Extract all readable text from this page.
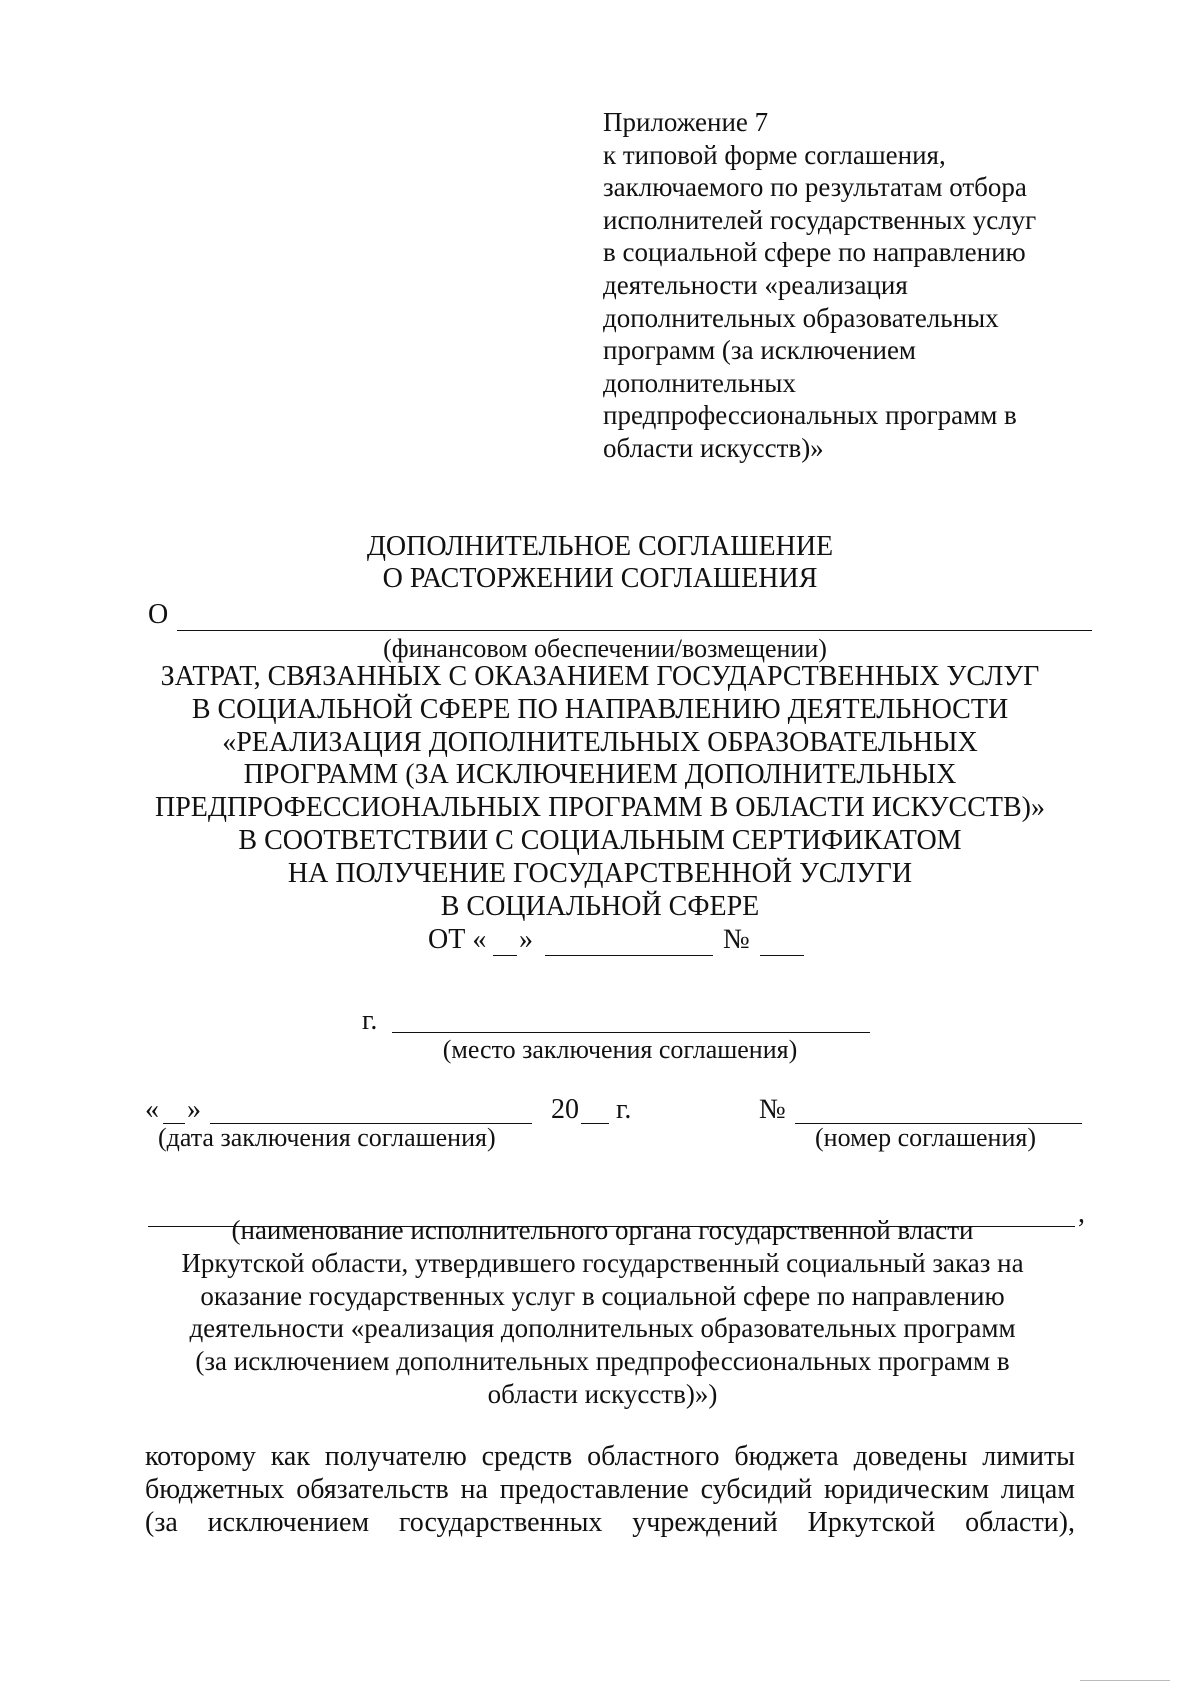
Приложение 7
к типовой форме соглашения,
заключаемого по результатам отбора
исполнителей государственных услуг
в социальной сфере по направлению
деятельности «реализация
дополнительных образовательных
программ (за исключением
дополнительных
предпрофессиональных программ в
области искусств)»
ДОПОЛНИТЕЛЬНОЕ СОГЛАШЕНИЕ
О РАСТОРЖЕНИИ СОГЛАШЕНИЯ
О
(финансовом обеспечении/возмещении)
ЗАТРАТ, СВЯЗАННЫХ С ОКАЗАНИЕМ ГОСУДАРСТВЕННЫХ УСЛУГ
В СОЦИАЛЬНОЙ СФЕРЕ ПО НАПРАВЛЕНИЮ ДЕЯТЕЛЬНОСТИ
«РЕАЛИЗАЦИЯ ДОПОЛНИТЕЛЬНЫХ ОБРАЗОВАТЕЛЬНЫХ
ПРОГРАММ (ЗА ИСКЛЮЧЕНИЕМ ДОПОЛНИТЕЛЬНЫХ
ПРЕДПРОФЕССИОНАЛЬНЫХ ПРОГРАММ В ОБЛАСТИ ИСКУССТВ)»
В СООТВЕТСТВИИ С СОЦИАЛЬНЫМ СЕРТИФИКАТОМ
НА ПОЛУЧЕНИЕ ГОСУДАРСТВЕННОЙ УСЛУГИ
В СОЦИАЛЬНОЙ СФЕРЕ
ОТ « »	№
г.
(место заключения соглашения)
« »	20 г.	№
(дата заключения соглашения)	(номер соглашения)
,
(наименование исполнительного органа государственной власти
Иркутской области, утвердившего государственный социальный заказ на
оказание государственных услуг в социальной сфере по направлению
деятельности «реализация дополнительных образовательных программ
(за исключением дополнительных предпрофессиональных программ в
области искусств)»)
которому как получателю средств областного бюджета доведены лимиты
бюджетных обязательств на предоставление субсидий юридическим лицам
(за исключением государственных учреждений Иркутской области),
